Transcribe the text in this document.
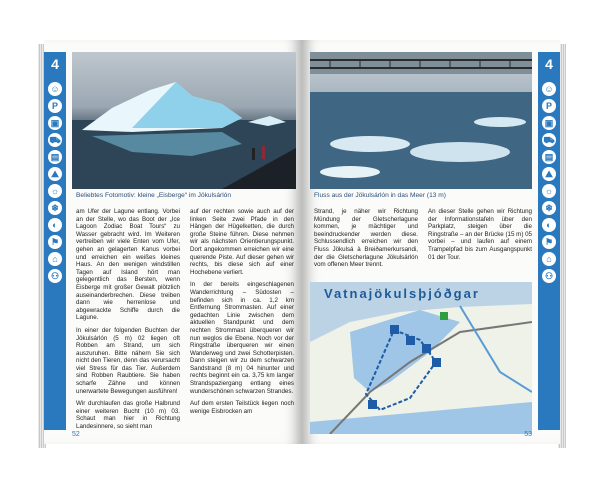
4
☺
P
▣
⛟
▤
⛰
☼
❄
◐
⚑
⌂
⚇
Beliebtes Fotomotiv: kleine „Eisberge“ im Jökulsárlón

am Ufer der Lagune entlang. Vorbei an der Stelle, wo das Boot der „Ice Lagoon Zodiac Boat Tours“ zu Wasser gebracht wird. Im Weiteren vertreiben wir viele Enten vom Ufer, gehen an gelagerten Kanus vorbei und erreichen ein weißes kleines Haus. An den wenigen windstillen Tagen auf Island hört man gelegentlich das Bersten, wenn Eisberge mit großer Gewalt plötzlich auseinanderbrechen. Diese treiben dann wie herrenlose und abgewrackte Schiffe durch die Lagune.

In einer der folgenden Buchten der Jökulsárlón (5 m) 02 liegen oft Robben am Strand, um sich auszuruhen. Bitte nähern Sie sich nicht den Tieren, denn das verursacht viel Stress für das Tier. Außerdem sind Robben Raubtiere. Sie haben scharfe Zähne und können unerwartete Bewegungen ausführen!

Wir durchlaufen das große Halbrund einer weiteren Bucht (10 m) 03. Schaut man hier in Richtung Landesinnere, so sieht man

auf der rechten sowie auch auf der linken Seite zwei Pfade in den Hängen der Hügelketten, die durch große Steine führen. Diese nehmen wir als nächsten Orientierungspunkt. Dort angekommen erreichen wir eine querende Piste. Auf dieser gehen wir rechts, bis diese sich auf einer Hochebene verliert.

In der bereits eingeschlagenen Wanderrichtung – Südosten – befinden sich in ca. 1,2 km Entfernung Strommasten. Auf einer gedachten Linie zwischen dem aktuellen Standpunkt und dem rechten Strommast überqueren wir nun weglos die Ebene. Noch vor der Ringstraße überqueren wir einen Wanderweg und zwei Schotterpisten. Dann steigen wir zu dem schwarzen Sandstrand (8 m) 04 hinunter und rechts beginnt ein ca. 3,75 km langer Strandspaziergang entlang eines wunderschönen schwarzen Strandes.

Auf dem ersten Teilstück liegen noch wenige Eisbrocken am

52
4
☺
P
▣
⛟
▤
⛰
☼
❄
◐
⚑
⌂
⚇
Fluss aus der Jökulsárlón in das Meer (13 m)

Strand, je näher wir Richtung Mündung der Gletscherlagune kommen, je mächtiger und beeindruckender werden diese. Schlussendlich erreichen wir den Fluss Jökulsá à Breiðamerkursandi, der die Gletscherlagune Jökulsárlón vom offenen Meer trennt.

An dieser Stelle gehen wir Richtung der Informationstafeln über den Parkplatz, steigen über die Ringstraße – an der Brücke (15 m) 05 vorbei – und laufen auf einem Trampelpfad bis zum Ausgangspunkt 01 der Tour.

Vatnajökulsþjóðgar
53
